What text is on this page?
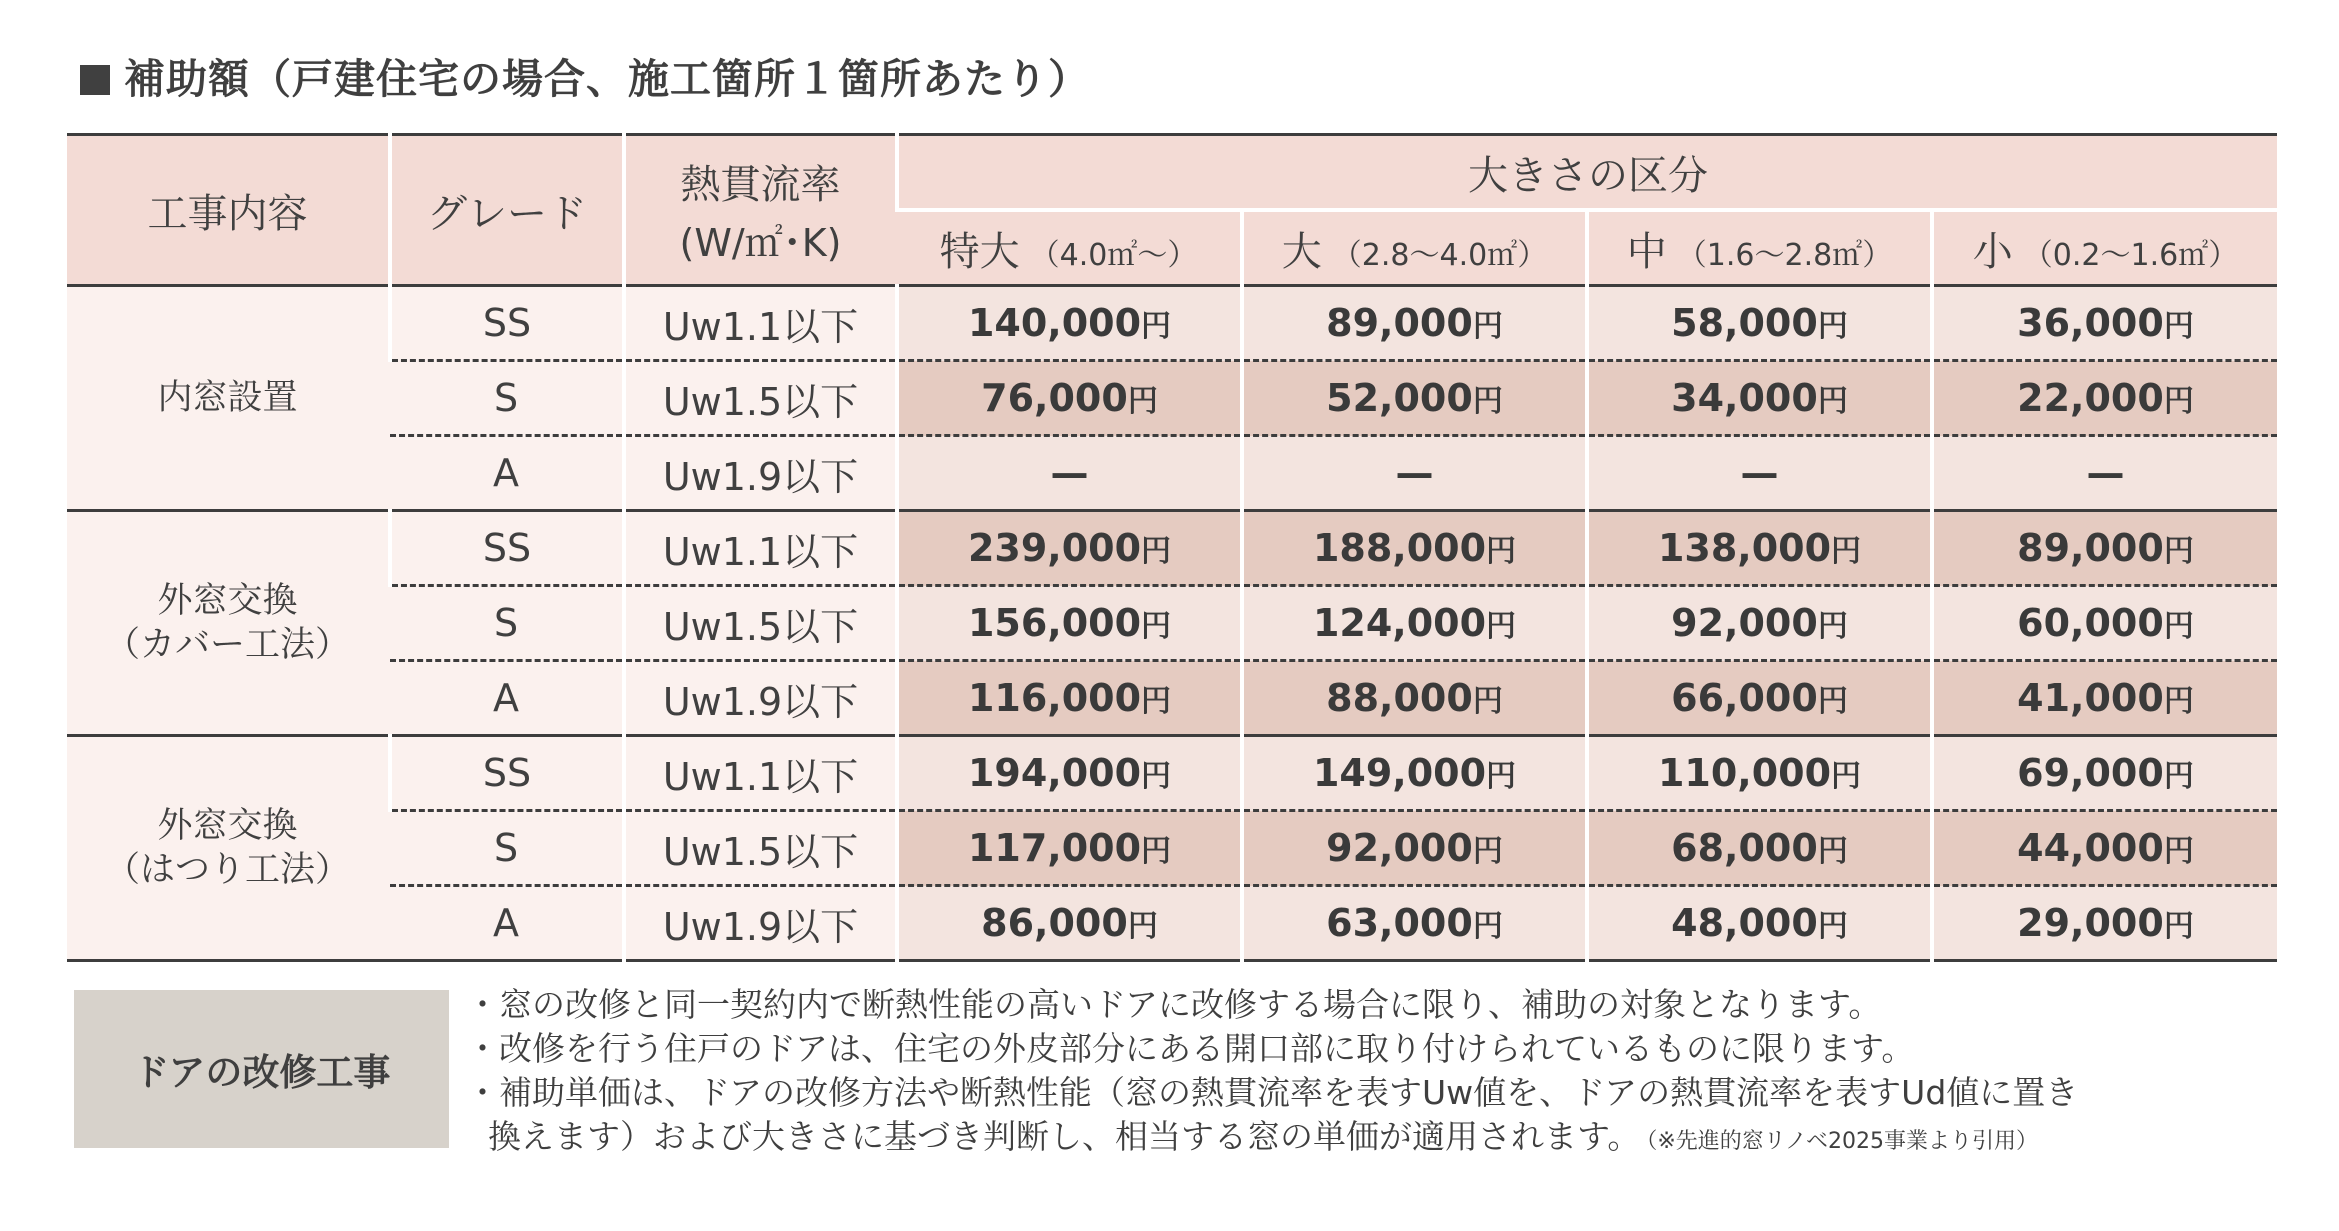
補助額（戸建住宅の場合、施工箇所１箇所あたり）
工事内容	グレード	熱貫流率
(W/㎡･K)	大きさの区分			
			特大 （4.0㎡〜）	大 （2.8〜4.0㎡）	中 （1.6〜2.8㎡）	小 （0.2〜1.6㎡）

内窓設置	SS	Uw1.1以下	140,000円	89,000円	58,000円	36,000円
	S	Uw1.5以下	76,000円	52,000円	34,000円	22,000円
	A	Uw1.9以下	—	—	—	—

外窓交換
（カバー工法）	SS	Uw1.1以下	239,000円	188,000円	138,000円	89,000円
	S	Uw1.5以下	156,000円	124,000円	92,000円	60,000円
	A	Uw1.9以下	116,000円	88,000円	66,000円	41,000円

外窓交換
（はつり工法）	SS	Uw1.1以下	194,000円	149,000円	110,000円	69,000円
	S	Uw1.5以下	117,000円	92,000円	68,000円	44,000円
	A	Uw1.9以下	86,000円	63,000円	48,000円	29,000円
ドアの改修工事
・窓の改修と同一契約内で断熱性能の高いドアに改修する場合に限り、補助の対象となります。
・改修を行う住戸のドアは、住宅の外皮部分にある開口部に取り付けられているものに限ります。
・補助単価は、ドアの改修方法や断熱性能（窓の熱貫流率を表すUw値を、ドアの熱貫流率を表すUd値に置き
換えます）および大きさに基づき判断し、相当する窓の単価が適用されます。 （※先進的窓リノベ2025事業より引用）
